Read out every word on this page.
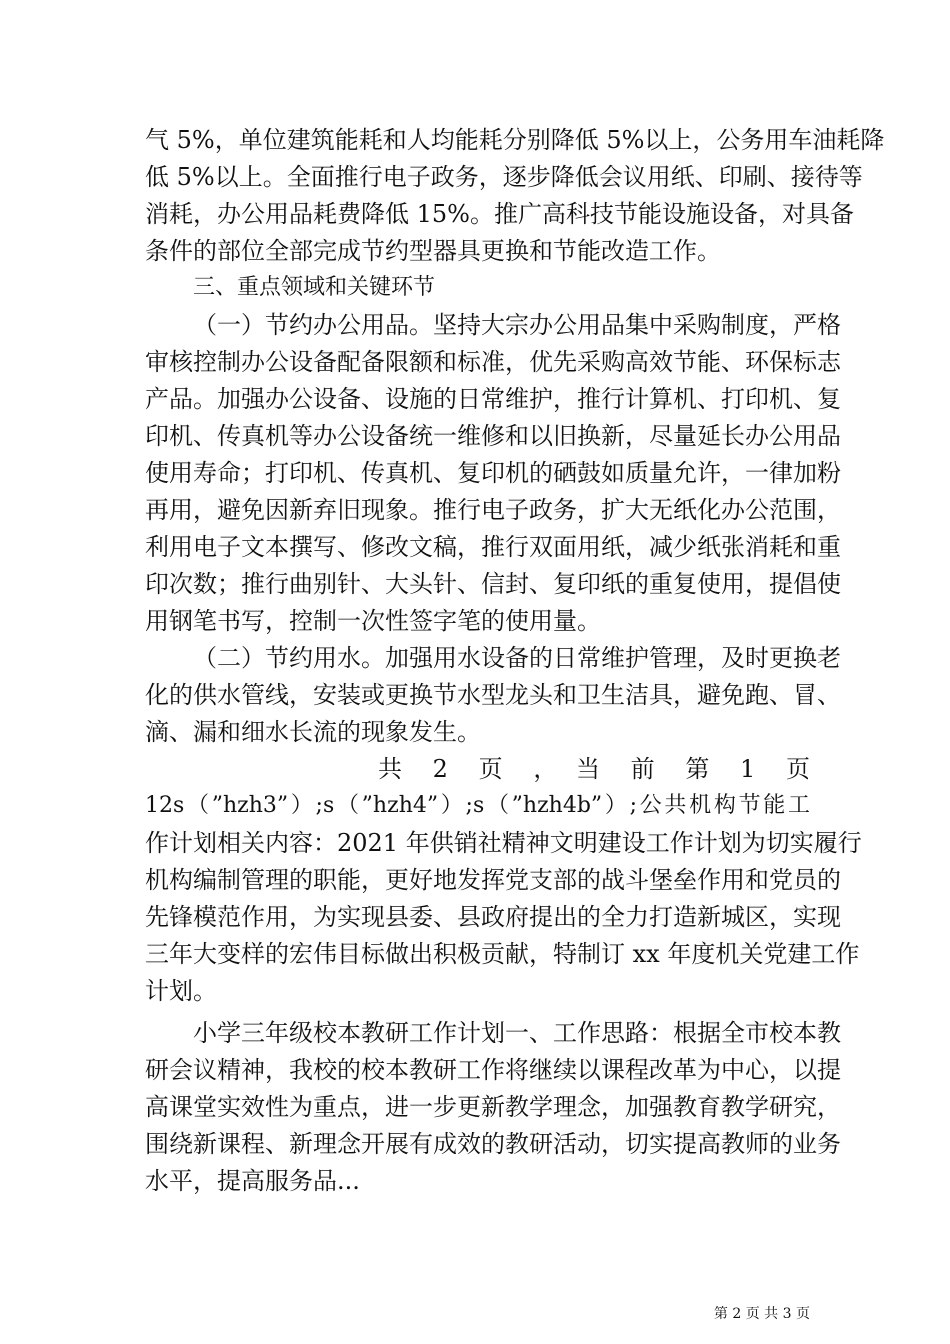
气 5%，单位建筑能耗和人均能耗分别降低 5%以上，公务用车油耗降
低 5%以上。全面推行电子政务，逐步降低会议用纸、印刷、接待等
消耗，办公用品耗费降低 15%。推广高科技节能设施设备，对具备
条件的部位全部完成节约型器具更换和节能改造工作。
三、重点领域和关键环节
（一）节约办公用品。坚持大宗办公用品集中采购制度，严格
审核控制办公设备配备限额和标准，优先采购高效节能、环保标志
产品。加强办公设备、设施的日常维护，推行计算机、打印机、复
印机、传真机等办公设备统一维修和以旧换新，尽量延长办公用品
使用寿命；打印机、传真机、复印机的硒鼓如质量允许，一律加粉
再用，避免因新弃旧现象。推行电子政务，扩大无纸化办公范围，
利用电子文本撰写、修改文稿，推行双面用纸，减少纸张消耗和重
印次数；推行曲别针、大头针、信封、复印纸的重复使用，提倡使
用钢笔书写，控制一次性签字笔的使用量。
（二）节约用水。加强用水设备的日常维护管理，及时更换老
化的供水管线，安装或更换节水型龙头和卫生洁具，避免跑、冒、
滴、漏和细水长流的现象发生。
共　2　页　，　当　前　第　1　页
12s（”hzh3”）;s（”hzh4”）;s（”hzh4b”）;公共机构节能工
作计划相关内容：2021 年供销社精神文明建设工作计划为切实履行
机构编制管理的职能，更好地发挥党支部的战斗堡垒作用和党员的
先锋模范作用，为实现县委、县政府提出的全力打造新城区，实现
三年大变样的宏伟目标做出积极贡献，特制订 xx 年度机关党建工作
计划。
小学三年级校本教研工作计划一、工作思路：根据全市校本教
研会议精神，我校的校本教研工作将继续以课程改革为中心，以提
高课堂实效性为重点，进一步更新教学理念，加强教育教学研究，
围绕新课程、新理念开展有成效的教研活动，切实提高教师的业务
水平，提高服务品...
第 2 页 共 3 页
